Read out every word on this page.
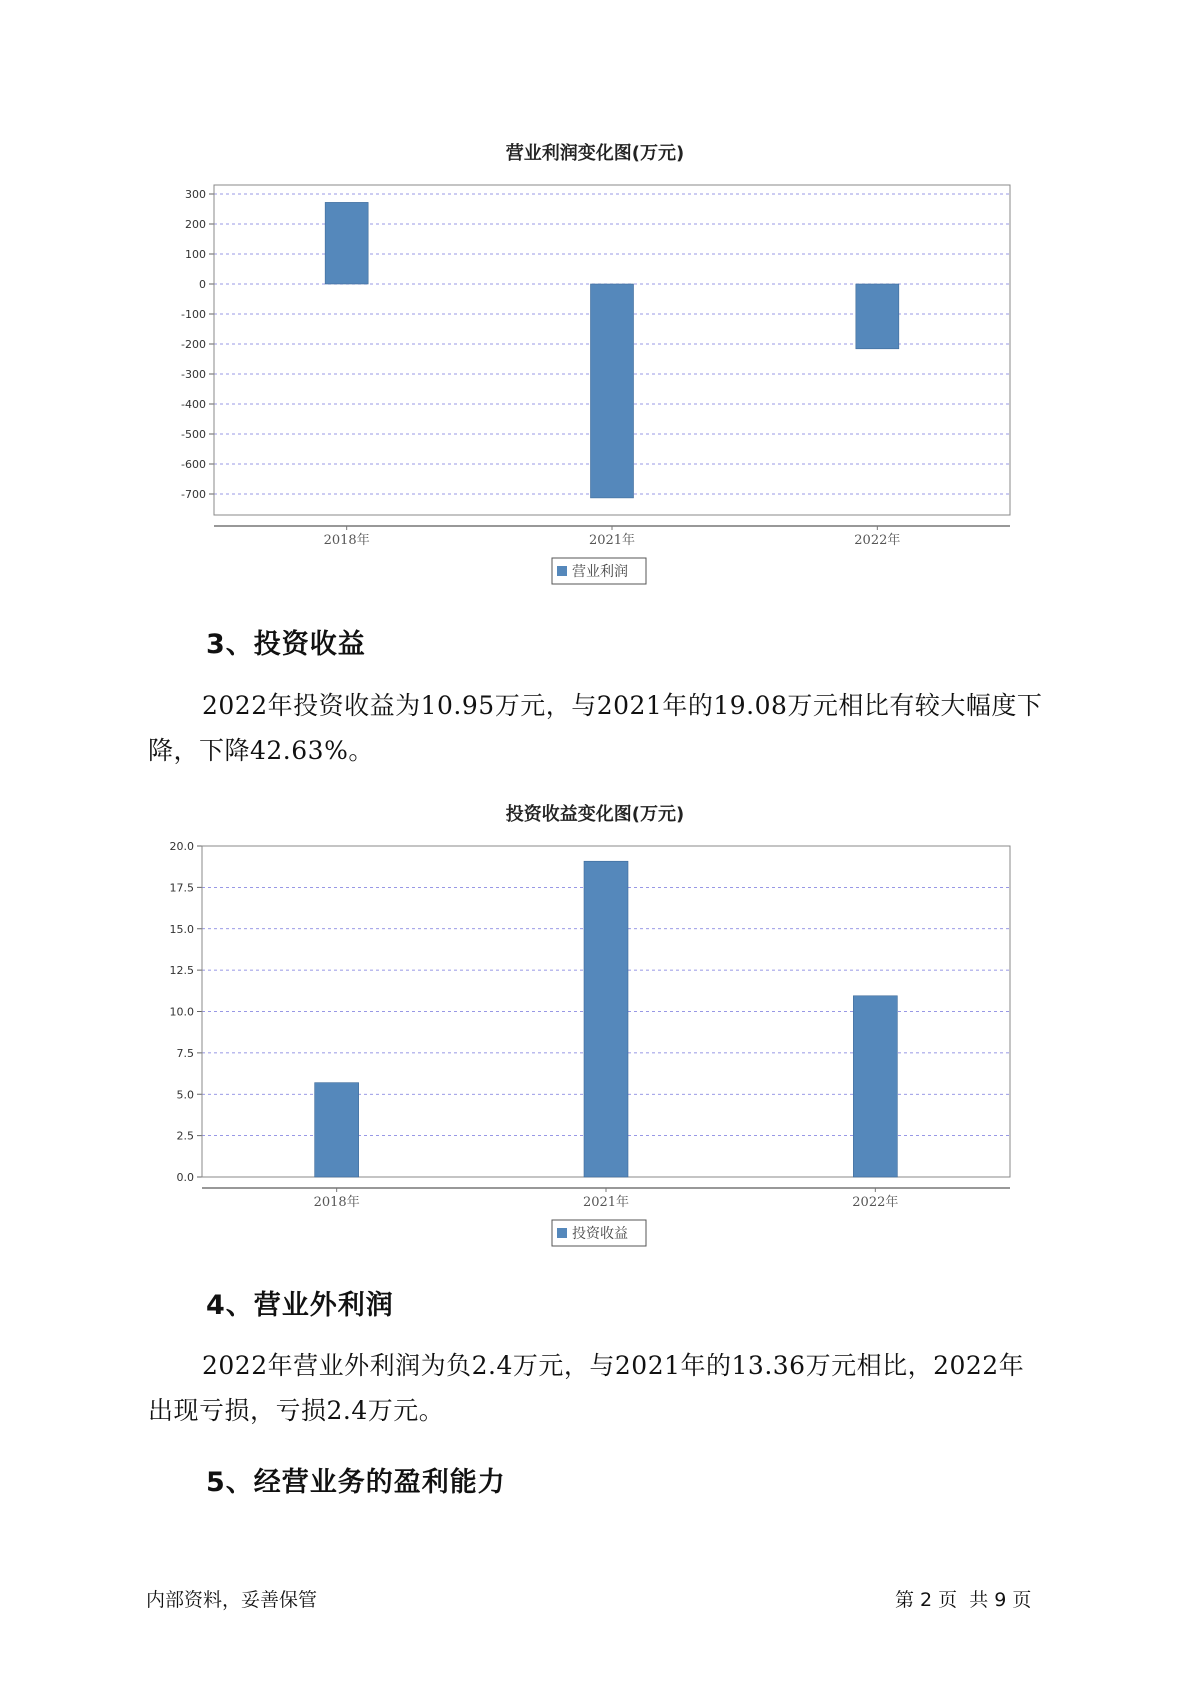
营业利润变化图(万元)
300
200
100
0
-100
-200
-300
-400
-500
-600
-700
2018年	2021年	2022年
营业利润
3、投资收益

2022年投资收益为10.95万元，与2021年的19.08万元相比有较大幅度下降，下降42.63%。

投资收益变化图(万元)
20.0
17.5
15.0
12.5
10.0
7.5
5.0
2.5
0.0
2018年	2021年	2022年
投资收益
4、营业外利润

2022年营业外利润为负2.4万元，与2021年的13.36万元相比，2022年出现亏损，亏损2.4万元。

5、经营业务的盈利能力
内部资料，妥善保管	第 2 页  共 9 页
